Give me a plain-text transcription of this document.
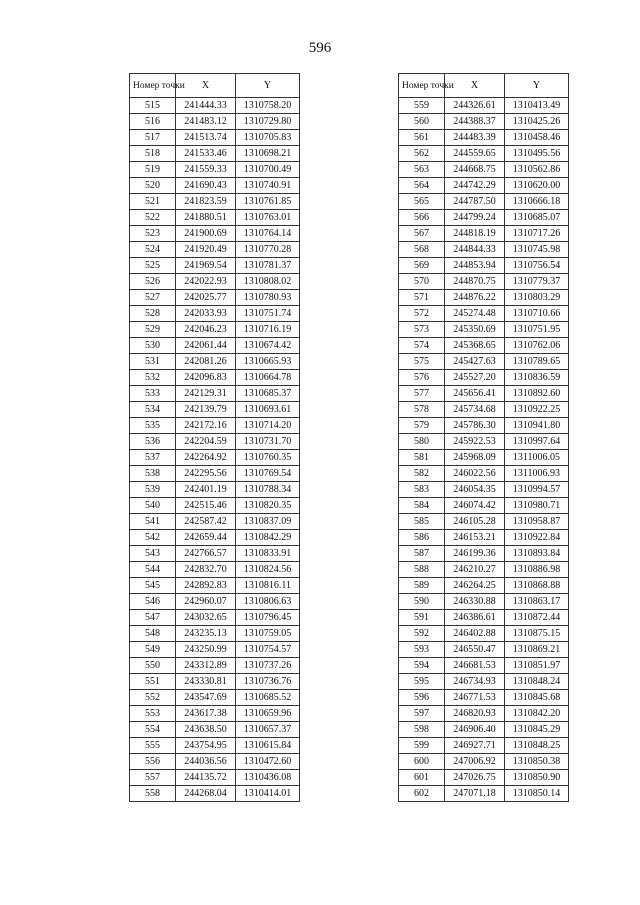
596
Номер точки	X	Y
515	241444.33	1310758.20
516	241483.12	1310729.80
517	241513.74	1310705.83
518	241533.46	1310698.21
519	241559.33	1310700.49
520	241690.43	1310740.91
521	241823.59	1310761.85
522	241880.51	1310763.01
523	241900.69	1310764.14
524	241920.49	1310770.28
525	241969.54	1310781.37
526	242022.93	1310808.02
527	242025.77	1310780.93
528	242033.93	1310751.74
529	242046.23	1310716.19
530	242061.44	1310674.42
531	242081.26	1310665.93
532	242096.83	1310664.78
533	242129.31	1310685.37
534	242139.79	1310693.61
535	242172.16	1310714.20
536	242204.59	1310731.70
537	242264.92	1310760.35
538	242295.56	1310769.54
539	242401.19	1310788.34
540	242515.46	1310820.35
541	242587.42	1310837.09
542	242659.44	1310842.29
543	242766.57	1310833.91
544	242832.70	1310824.56
545	242892.83	1310816.11
546	242960.07	1310806.63
547	243032.65	1310796.45
548	243235.13	1310759.05
549	243250.99	1310754.57
550	243312.89	1310737.26
551	243330.81	1310736.76
552	243547.69	1310685.52
553	243617.38	1310659.96
554	243638.50	1310657.37
555	243754.95	1310615.84
556	244036.56	1310472.60
557	244135.72	1310436.08
558	244268.04	1310414.01
Номер точки	X	Y
559	244326.61	1310413.49
560	244388.37	1310425.26
561	244483.39	1310458.46
562	244559.65	1310495.56
563	244668.75	1310562.86
564	244742.29	1310620.00
565	244787.50	1310666.18
566	244799.24	1310685.07
567	244818.19	1310717.26
568	244844.33	1310745.98
569	244853.94	1310756.54
570	244870.75	1310779.37
571	244876.22	1310803.29
572	245274.48	1310710.66
573	245350.69	1310751.95
574	245368.65	1310762.06
575	245427.63	1310789.65
576	245527.20	1310836.59
577	245656.41	1310892.60
578	245734.68	1310922.25
579	245786.30	1310941.80
580	245922.53	1310997.64
581	245968.09	1311006.05
582	246022.56	1311006.93
583	246054.35	1310994.57
584	246074.42	1310980.71
585	246105.28	1310958.87
586	246153.21	1310922.84
587	246199.36	1310893.84
588	246210.27	1310886.98
589	246264.25	1310868.88
590	246330.88	1310863.17
591	246386.61	1310872.44
592	246402.88	1310875.15
593	246550.47	1310869.21
594	246681.53	1310851.97
595	246734.93	1310848.24
596	246771.53	1310845.68
597	246820.93	1310842.20
598	246906.40	1310845.29
599	246927.71	1310848.25
600	247006.92	1310850.38
601	247026.75	1310850.90
602	247071.18	1310850.14
